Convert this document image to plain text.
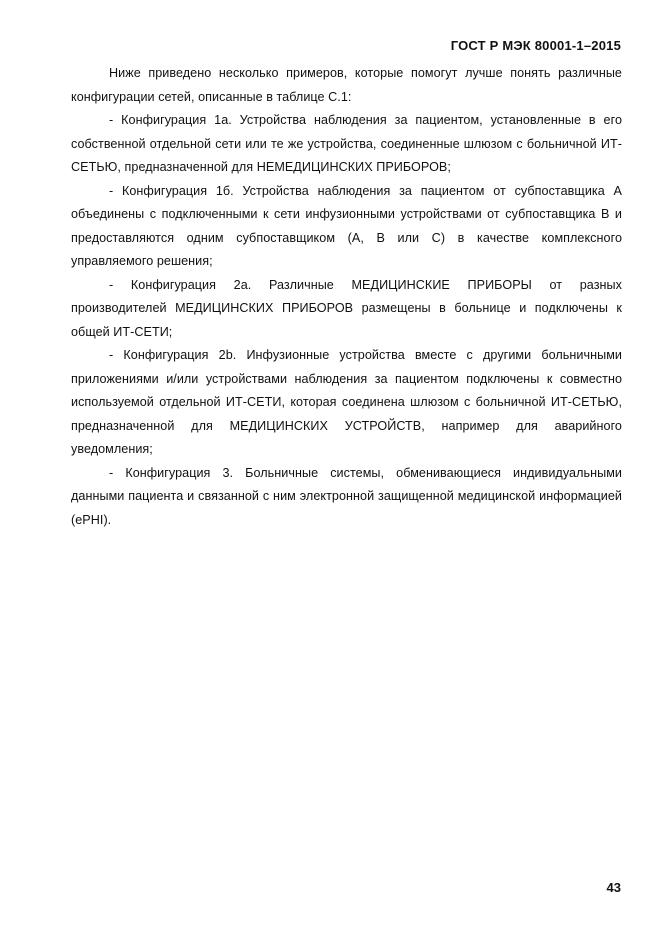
ГОСТ Р МЭК 80001-1–2015

Ниже приведено несколько примеров, которые помогут лучше понять различные конфигурации сетей, описанные в таблице С.1:

- Конфигурация 1а. Устройства наблюдения за пациентом, установленные в его собственной отдельной сети или те же устройства, соединенные шлюзом с больничной ИТ-СЕТЬЮ, предназначенной для НЕМЕДИЦИНСКИХ ПРИБОРОВ;

- Конфигурация 1б. Устройства наблюдения за пациентом от субпоставщика А объединены с подключенными к сети инфузионными устройствами от субпоставщика В и предоставляются одним субпоставщиком (А, В или С) в качестве комплексного управляемого решения;

- Конфигурация 2а. Различные МЕДИЦИНСКИЕ ПРИБОРЫ от разных производителей МЕДИЦИНСКИХ ПРИБОРОВ размещены в больнице и подключены к общей ИТ-СЕТИ;

- Конфигурация 2b. Инфузионные устройства вместе с другими больничными приложениями и/или устройствами наблюдения за пациентом подключены к совместно используемой отдельной ИТ-СЕТИ, которая соединена шлюзом с больничной ИТ-СЕТЬЮ, предназначенной для МЕДИЦИНСКИХ УСТРОЙСТВ, например для аварийного уведомления;

- Конфигурация 3. Больничные системы, обменивающиеся индивидуальными данными пациента и связанной с ним электронной защищенной медицинской информацией (ePHI).

43
